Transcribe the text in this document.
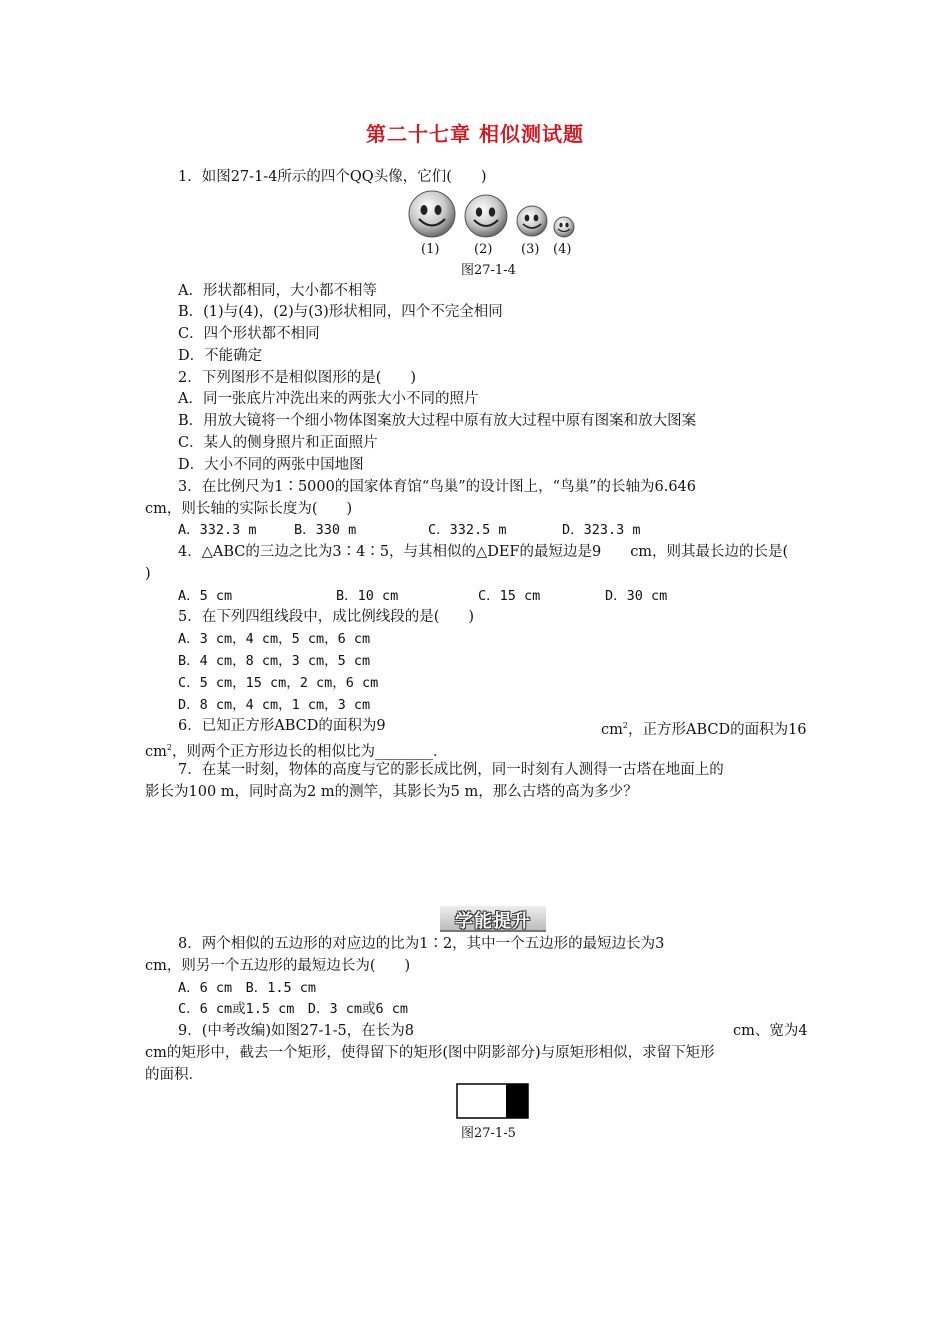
第二十七章 相似测试题
1．如图27-1-4所示的四个QQ头像，它们(　　)
(1)	(2) (3) (4)
图27-1-4
A．形状都相同，大小都不相等
B．(1)与(4)，(2)与(3)形状相同，四个不完全相同
C．四个形状都不相同
D．不能确定
2．下列图形不是相似图形的是(　　)
A．同一张底片冲洗出来的两张大小不同的照片
B．用放大镜将一个细小物体图案放大过程中原有放大过程中原有图案和放大图案
C．某人的侧身照片和正面照片
D．大小不同的两张中国地图
3．在比例尺为1∶5000的国家体育馆“鸟巢”的设计图上，“鸟巢”的长轴为6.646
cm，则长轴的实际长度为(　　)
A．332.3 m	B．330 m	C．332.5 m	D．323.3 m
4．△ABC的三边之比为3∶4∶5，与其相似的△DEF的最短边是9　　cm，则其最长边的长是(
)
A．5 cm	B．10 cm	C．15 cm	D．30 cm
5．在下列四组线段中，成比例线段的是(　　)
A．3 cm，4 cm，5 cm，6 cm
B．4 cm，8 cm，3 cm，5 cm
C．5 cm，15 cm，2 cm，6 cm
D．8 cm，4 cm，1 cm，3 cm
6．已知正方形ABCD的面积为9	$cm^2$，正方形ABCD的面积为16
$cm^2$，则两个正方形边长的相似比为________．
7．在某一时刻，物体的高度与它的影长成比例，同一时刻有人测得一古塔在地面上的
影长为100 m，同时高为2 m的测竿，其影长为5 m，那么古塔的高为多少？
学能提升
8．两个相似的五边形的对应边的比为1∶2，其中一个五边形的最短边长为3
cm，则另一个五边形的最短边长为(　　)
A．6 cm　B．1.5 cm
C．6 cm或1.5 cm　D．3 cm或6 cm
9．(中考改编)如图27-1-5，在长为8	cm、宽为4
cm的矩形中，截去一个矩形，使得留下的矩形(图中阴影部分)与原矩形相似，求留下矩形
的面积．
图27-1-5
